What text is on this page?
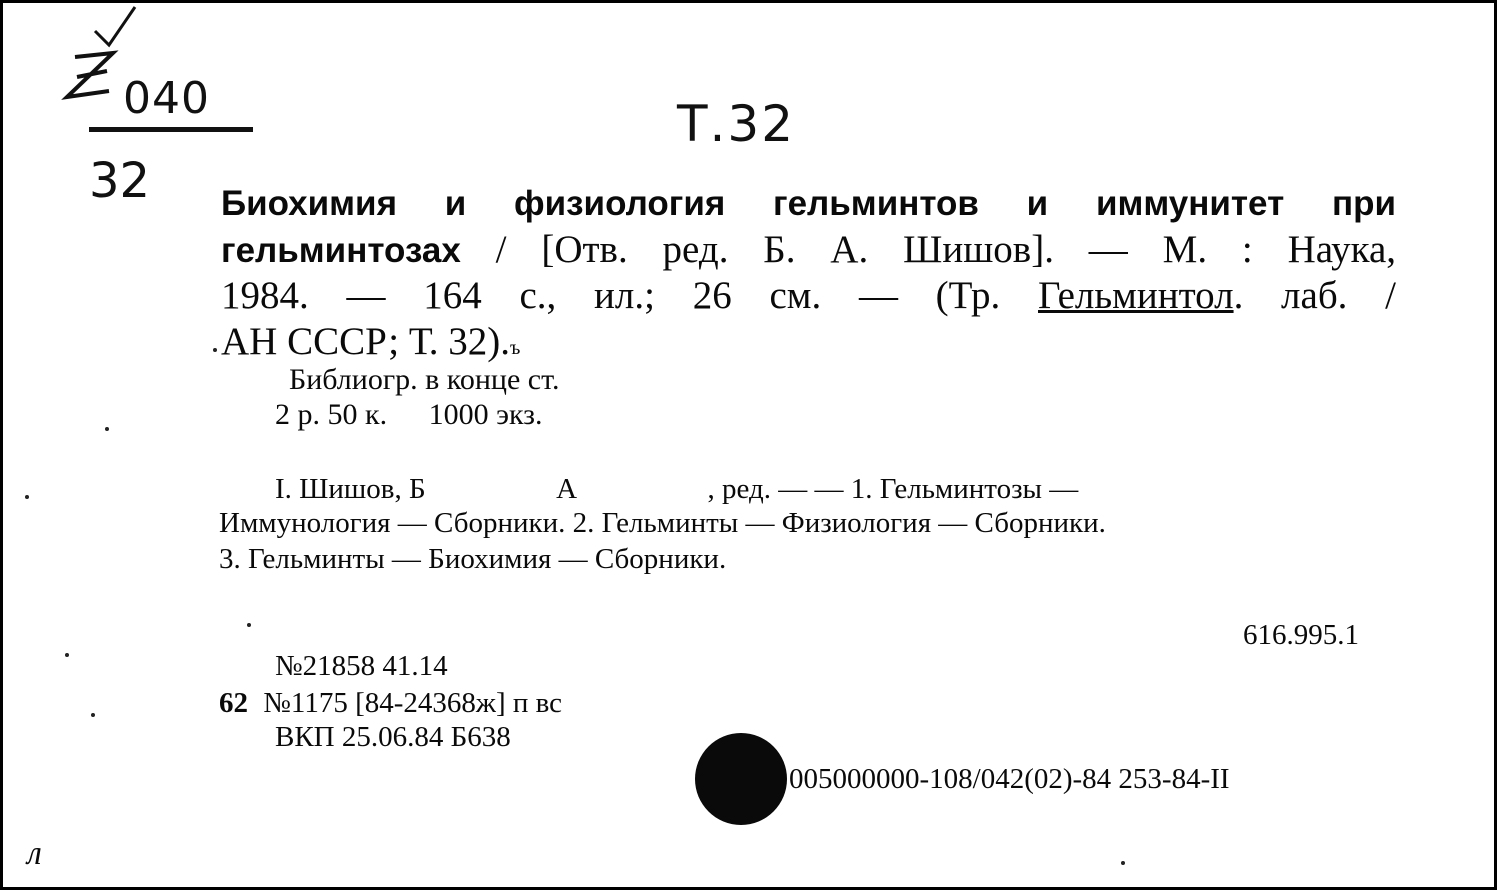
040
32
Т.32
Биохимия и физиология гельминтов и иммунитет при
гельминтозах / [Отв. ред. Б. А. Шишов]. — М. : Наука,
1984. — 164 с., ил.; 26 см. — (Тр. Гельминтол. лаб. /
АН СССР; Т. 32).ъ
Библиогр. в конце ст.
2 р. 50 к. 1000 экз.
I. Шишов, Б                  А                  , ред. — — 1. Гельминтозы —
Иммунология — Сборники. 2. Гельминты — Физиология — Сборники.
3. Гельминты — Биохимия — Сборники.
616.995.1
№21858 41.14
62 №1175 [84-24368ж] п вс
ВКП 25.06.84 Б638
005000000-108/042(02)-84 253-84-II
л
